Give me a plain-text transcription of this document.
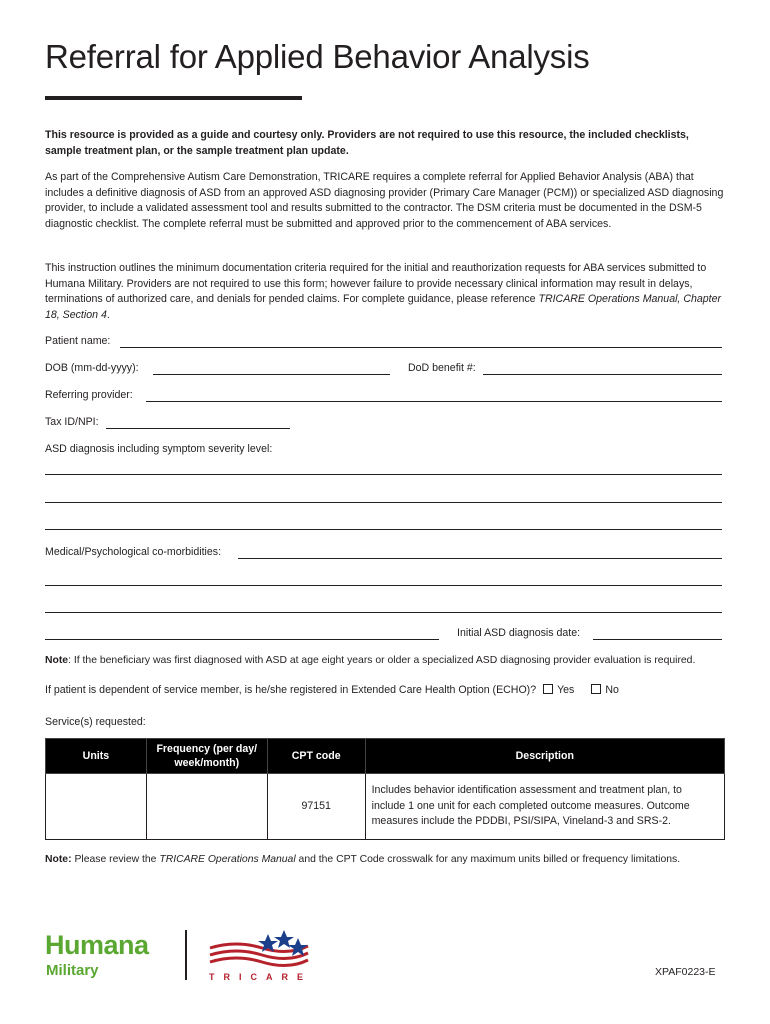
Referral for Applied Behavior Analysis
This resource is provided as a guide and courtesy only. Providers are not required to use this resource, the included checklists, sample treatment plan, or the sample treatment plan update.
As part of the Comprehensive Autism Care Demonstration, TRICARE requires a complete referral for Applied Behavior Analysis (ABA) that includes a definitive diagnosis of ASD from an approved ASD diagnosing provider (Primary Care Manager (PCM)) or specialized ASD diagnosing provider, to include a validated assessment tool and results submitted to the contractor. The DSM criteria must be documented in the DSM-5 diagnostic checklist. The complete referral must be submitted and approved prior to the commencement of ABA services.
This instruction outlines the minimum documentation criteria required for the initial and reauthorization requests for ABA services submitted to Humana Military. Providers are not required to use this form; however failure to provide necessary clinical information may result in delays, terminations of authorized care, and denials for pended claims. For complete guidance, please reference TRICARE Operations Manual, Chapter 18, Section 4.
Patient name:
DOB (mm-dd-yyyy):	DoD benefit #:
Referring provider:
Tax ID/NPI:
ASD diagnosis including symptom severity level:
Medical/Psychological co-morbidities:
Initial ASD diagnosis date:
Note: If the beneficiary was first diagnosed with ASD at age eight years or older a specialized ASD diagnosing provider evaluation is required.
If patient is dependent of service member, is he/she registered in Extended Care Health Option (ECHO)? Yes	No
Service(s) requested:
Units	Frequency (per day/ week/month)	CPT code	Description
		97151	Includes behavior identification assessment and treatment plan, to include 1 one unit for each completed outcome measures. Outcome measures include the PDDBI, PSI/SIPA, Vineland-3 and SRS-2.
Note: Please review the TRICARE Operations Manual and the CPT Code crosswalk for any maximum units billed or frequency limitations.
Humana
Military	TRICARE	XPAF0223-E
